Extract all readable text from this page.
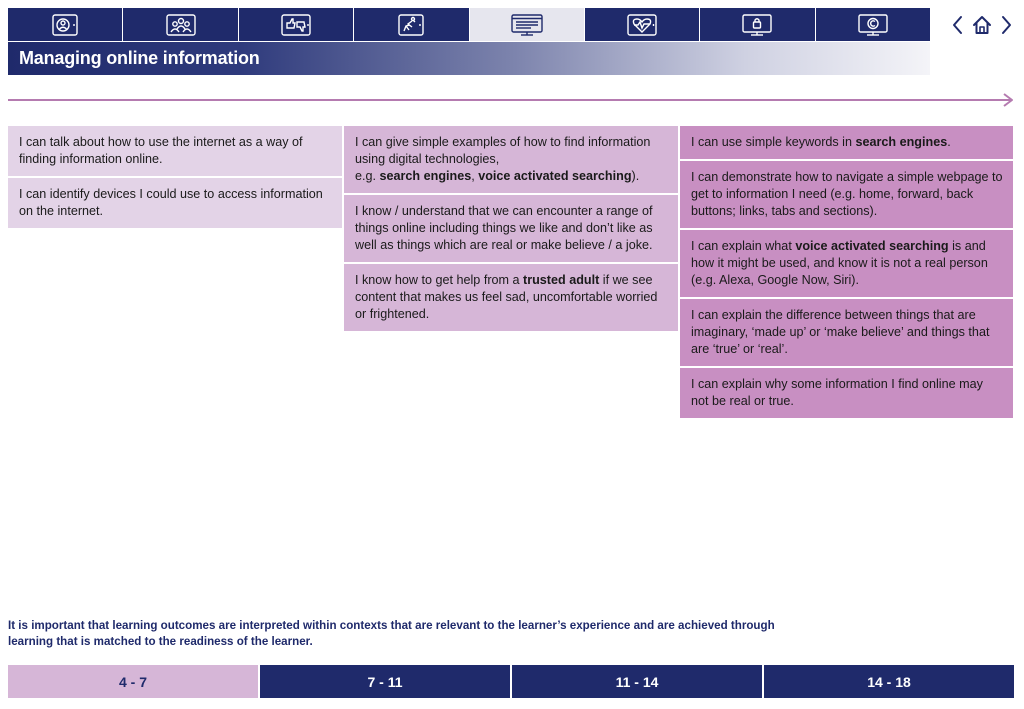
Managing online information
I can talk about how to use the internet as a way of finding information online.
I can identify devices I could use to access information on the internet.
I can give simple examples of how to find information using digital technologies,
e.g. search engines, voice activated searching).
I know / understand that we can encounter a range of things online including things we like and don’t like as well as things which are real or make believe / a joke.
I know how to get help from a trusted adult if we see content that makes us feel sad, uncomfortable worried or frightened.
I can use simple keywords in search engines.
I can demonstrate how to navigate a simple webpage to get to information I need (e.g. home, forward, back buttons; links, tabs and sections).
I can explain what voice activated searching is and how it might be used, and know it is not a real person (e.g. Alexa, Google Now, Siri).
I can explain the difference between things that are imaginary, ‘made up’ or ‘make believe’ and things that are ‘true’ or ‘real’.
I can explain why some information I find online may not be real or true.

It is important that learning outcomes are interpreted within contexts that are relevant to the learner’s experience and are achieved through learning that is matched to the readiness of the learner.

4 - 7	7 - 11	11 - 14	14 - 18
